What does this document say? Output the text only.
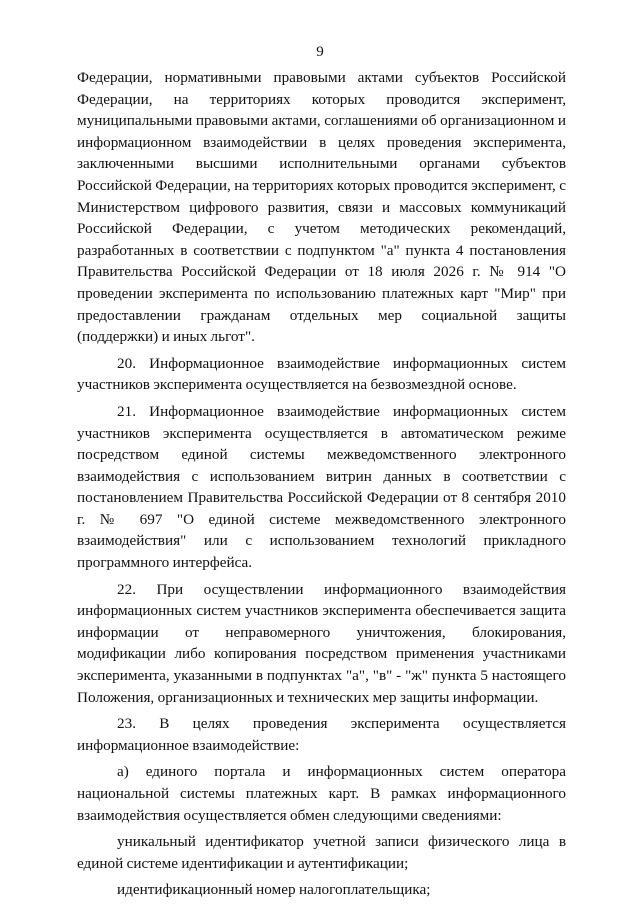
9

Федерации, нормативными правовыми актами субъектов Российской Федерации, на территориях которых проводится эксперимент, муниципальными правовыми актами, соглашениями об организационном и информационном взаимодействии в целях проведения эксперимента, заключенными высшими исполнительными органами субъектов Российской Федерации, на территориях которых проводится эксперимент, с Министерством цифрового развития, связи и массовых коммуникаций Российской Федерации, с учетом методических рекомендаций, разработанных в соответствии с подпунктом "а" пункта 4 постановления Правительства Российской Федерации от 18 июля 2026 г. № 914 "О проведении эксперимента по использованию платежных карт "Мир" при предоставлении гражданам отдельных мер социальной защиты (поддержки) и иных льгот".

20. Информационное взаимодействие информационных систем участников эксперимента осуществляется на безвозмездной основе.

21. Информационное взаимодействие информационных систем участников эксперимента осуществляется в автоматическом режиме посредством единой системы межведомственного электронного взаимодействия с использованием витрин данных в соответствии с постановлением Правительства Российской Федерации от 8 сентября 2010 г. № 697 "О единой системе межведомственного электронного взаимодействия" или с использованием технологий прикладного программного интерфейса.

22. При осуществлении информационного взаимодействия информационных систем участников эксперимента обеспечивается защита информации от неправомерного уничтожения, блокирования, модификации либо копирования посредством применения участниками эксперимента, указанными в подпунктах "а", "в" - "ж" пункта 5 настоящего Положения, организационных и технических мер защиты информации.

23. В целях проведения эксперимента осуществляется информационное взаимодействие:

а) единого портала и информационных систем оператора национальной системы платежных карт. В рамках информационного взаимодействия осуществляется обмен следующими сведениями:

уникальный идентификатор учетной записи физического лица в единой системе идентификации и аутентификации;

идентификационный номер налогоплательщика;
